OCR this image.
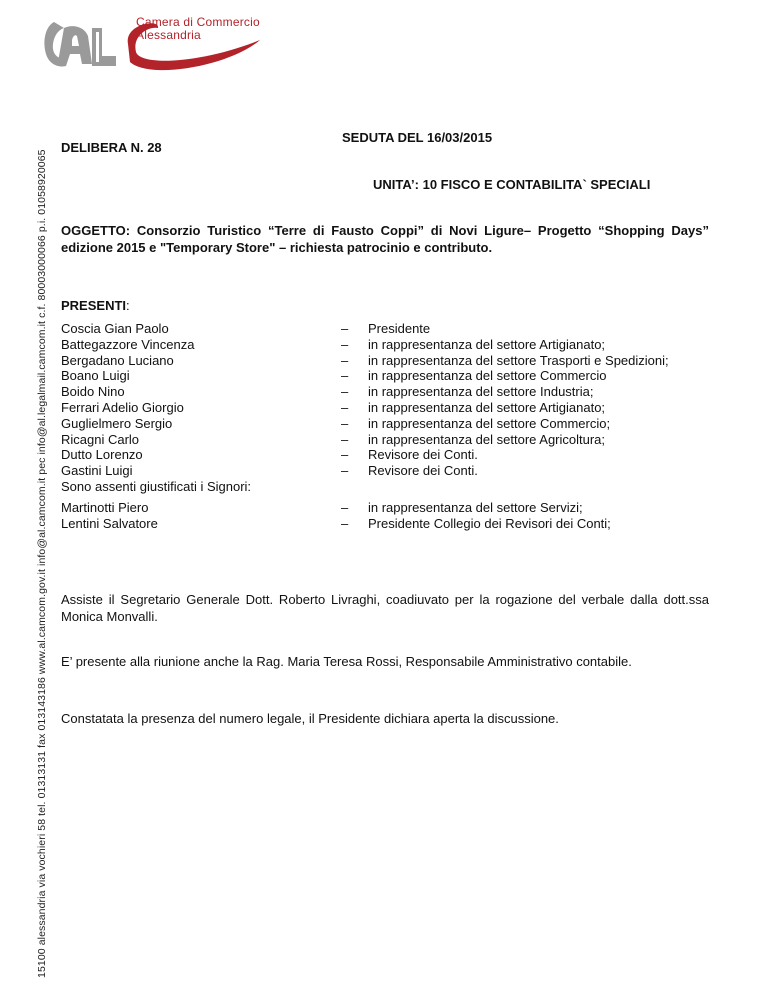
Camera di Commercio
Alessandria
15100 alessandria via vochieri 58 tel. 01313131 fax 013143186 www.al.camcom.gov.it info@al.camcom.it pec info@al.legalmail.camcom.it c.f. 80003000066 p.i. 01058920065
DELIBERA N. 28
SEDUTA DEL 16/03/2015
UNITA’: 10 FISCO E CONTABILITA` SPECIALI
OGGETTO: Consorzio Turistico “Terre di Fausto Coppi” di Novi Ligure– Progetto “Shopping Days” edizione 2015 e "Temporary Store" – richiesta patrocinio e contributo.
PRESENTI:
Coscia Gian Paolo	– Presidente
Battegazzore Vincenza	– in rappresentanza del settore Artigianato;
Bergadano Luciano	– in rappresentanza del settore Trasporti e Spedizioni;
Boano Luigi	– in rappresentanza del settore Commercio
Boido Nino	– in rappresentanza del settore Industria;
Ferrari Adelio Giorgio	– in rappresentanza del settore Artigianato;
Guglielmero Sergio	– in rappresentanza del settore Commercio;
Ricagni Carlo	– in rappresentanza del settore Agricoltura;
Dutto Lorenzo	– Revisore dei Conti.
Gastini Luigi	– Revisore dei Conti.
Sono assenti giustificati i Signori:
Martinotti Piero	– in rappresentanza del settore Servizi;
Lentini Salvatore	– Presidente Collegio dei Revisori dei Conti;
Assiste il Segretario Generale Dott. Roberto Livraghi, coadiuvato per la rogazione del verbale dalla dott.ssa Monica Monvalli.
E’ presente alla riunione anche la Rag. Maria Teresa Rossi, Responsabile Amministrativo contabile.
Constatata la presenza del numero legale, il Presidente dichiara aperta la discussione.
